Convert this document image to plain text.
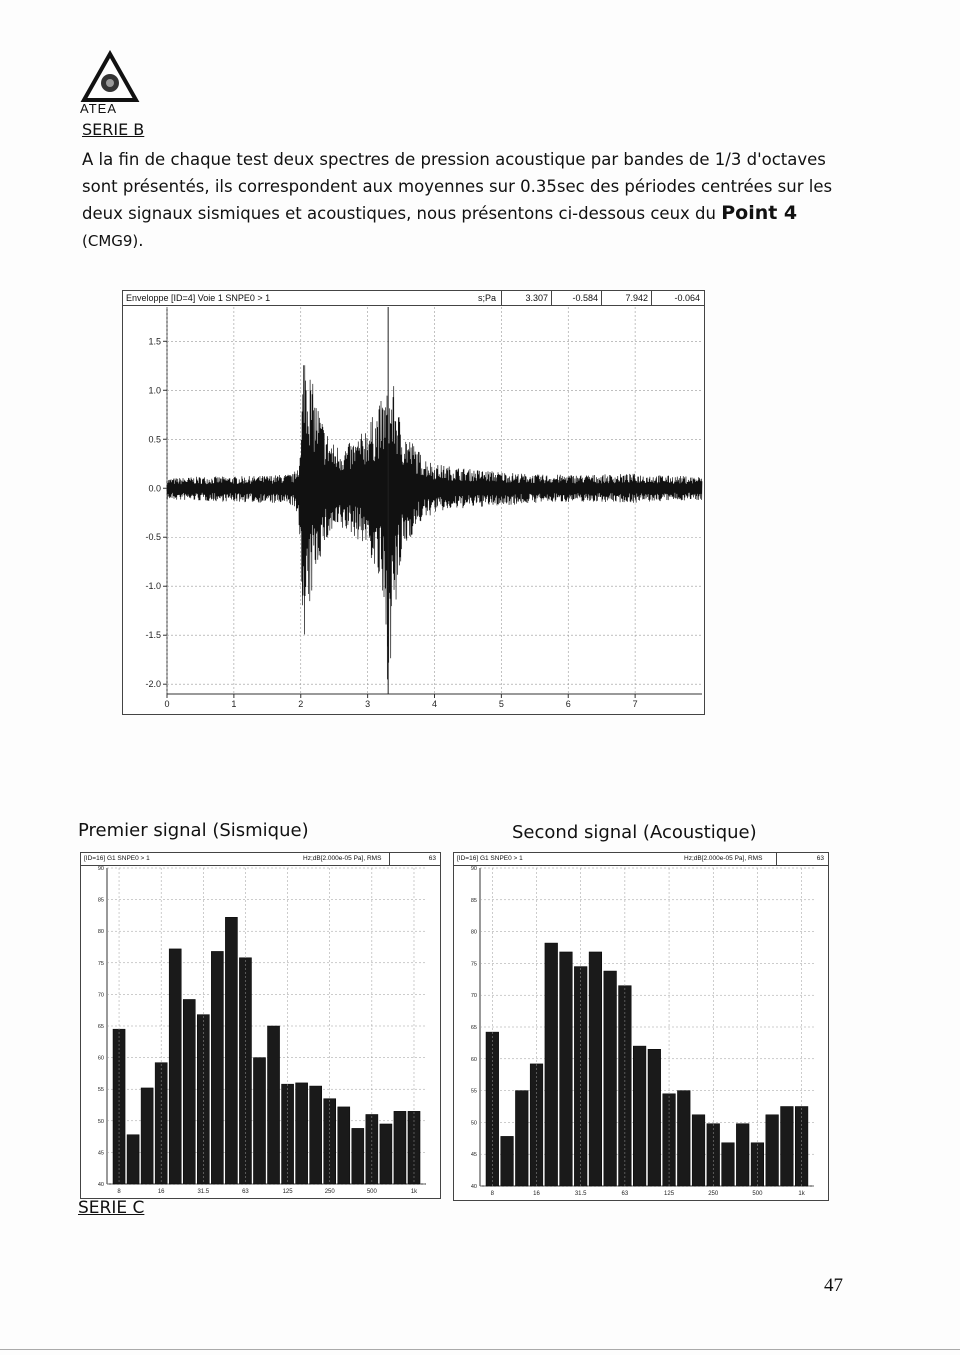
ATEA
SERIE B
A la fin de chaque test deux spectres de pression acoustique par bandes de 1/3 d'octaves sont présentés, ils correspondent aux moyennes sur 0.35sec des périodes centrées sur les deux signaux sismiques et acoustiques, nous présentons ci-dessous ceux du Point 4 (CMG9).
Enveloppe [ID=4] Voie 1 SNPE0 > 1	s;Pa	3.307	-0.584	7.942	-0.064
1.5
1.0
0.5
0.0
-0.5
-1.0
-1.5
-2.0
0	1	2	3	4	5	6	7
Premier signal (Sismique)	Second signal (Acoustique)
[ID=16] G1 SNPE0 > 1	Hz;dB[2.000e-05 Pa], RMS	63
40
45
50
55
60
65
70
75
80
85
90
8	16	31.5	63	125	250	500	1k
[ID=16] G1 SNPE0 > 1	Hz;dB[2.000e-05 Pa], RMS	63
40
45
50
55
60
65
70
75
80
85
90
8	16	31.5	63	125	250	500	1k
SERIE C
47
